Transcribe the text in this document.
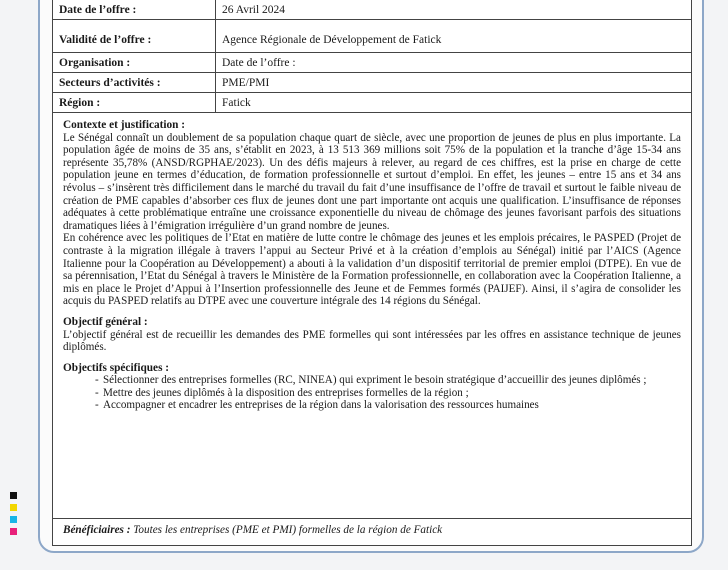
Date de l’offre :	26 Avril 2024
Validité de l’offre :	Agence Régionale de Développement de Fatick
Organisation :	Date de l’offre :
Secteurs d’activités :	PME/PMI
Région :	Fatick
Contexte et justification :

Le Sénégal connaît un doublement de sa population chaque quart de siècle, avec une proportion de jeunes de plus en plus importante. La population âgée de moins de 35 ans, s’établit en 2023, à 13 513 369 millions soit 75% de la population et la tranche d’âge 15-34 ans représente 35,78% (ANSD/RGPHAE/2023). Un des défis majeurs à relever, au regard de ces chiffres, est la prise en charge de cette population jeune en termes d’éducation, de formation professionnelle et surtout d’emploi. En effet, les jeunes – entre 15 ans et 34 ans révolus – s’insèrent très difficilement dans le marché du travail du fait d’une insuffisance de l’offre de travail et surtout le faible niveau de création de PME capables d’absorber ces flux de jeunes dont une part importante ont acquis une qualification. L’insuffisance de réponses adéquates à cette problématique entraîne une croissance exponentielle du niveau de chômage des jeunes favorisant parfois des situations dramatiques liées à l’émigration irrégulière d’un grand nombre de jeunes.

En cohérence avec les politiques de l’Etat en matière de lutte contre le chômage des jeunes et les emplois précaires, le PASPED (Projet de contraste à la migration illégale à travers l’appui au Secteur Privé et à la création d’emplois au Sénégal) initié par l’AICS (Agence Italienne pour la Coopération au Développement) a abouti à la validation d’un dispositif territorial de premier emploi (DTPE). En vue de sa pérennisation, l’Etat du Sénégal à travers le Ministère de la Formation professionnelle, en collaboration avec la Coopération Italienne, a mis en place le Projet d’Appui à l’Insertion professionnelle des Jeune et de Femmes formés (PAIJEF). Ainsi, il s’agira de consolider les acquis du PASPED relatifs au DTPE avec une couverture intégrale des 14 régions du Sénégal.

Objectif général :

L’objectif général est de recueillir les demandes des PME formelles qui sont intéressées par les offres en assistance technique de jeunes diplômés.

Objectifs spécifiques :
- Sélectionner des entreprises formelles (RC, NINEA) qui expriment le besoin stratégique d’accueillir des jeunes diplômés ;
- Mettre des jeunes diplômés à la disposition des entreprises formelles de la région ;
- Accompagner et encadrer les entreprises de la région dans la valorisation des ressources humaines
Bénéficiaires : Toutes les entreprises (PME et PMI) formelles de la région de Fatick
